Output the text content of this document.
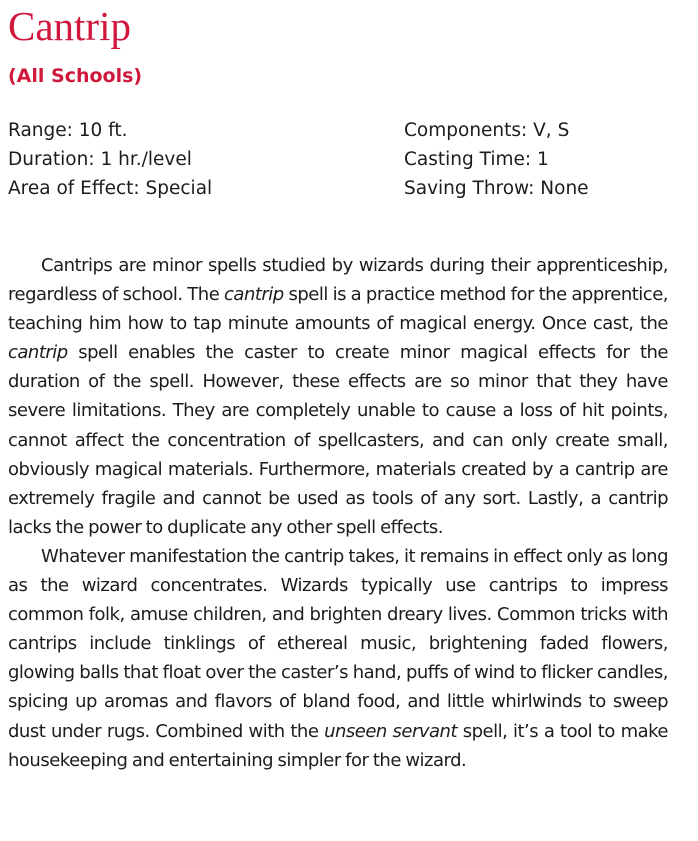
Cantrip
(All Schools)
Range: 10 ft.
Duration: 1 hr./level
Area of Effect: Special
Components: V, S
Casting Time: 1
Saving Throw: None

Cantrips are minor spells studied by wizards during their apprenticeship, regardless of school. The cantrip spell is a practice method for the apprentice, teaching him how to tap minute amounts of magical energy. Once cast, the cantrip spell enables the caster to create minor magical effects for the duration of the spell. However, these effects are so minor that they have severe limitations. They are completely unable to cause a loss of hit points, cannot affect the concentration of spellcasters, and can only create small, obviously magical materials. Furthermore, materials created by a cantrip are extremely fragile and cannot be used as tools of any sort. Lastly, a cantrip lacks the power to duplicate any other spell effects.

Whatever manifestation the cantrip takes, it remains in effect only as long as the wizard concentrates. Wizards typically use cantrips to impress common folk, amuse children, and brighten dreary lives. Common tricks with cantrips include tinklings of ethereal music, brightening faded flowers, glowing balls that float over the caster’s hand, puffs of wind to flicker candles, spicing up aromas and flavors of bland food, and little whirlwinds to sweep dust under rugs. Combined with the unseen servant spell, it’s a tool to make housekeeping and entertaining simpler for the wizard.
